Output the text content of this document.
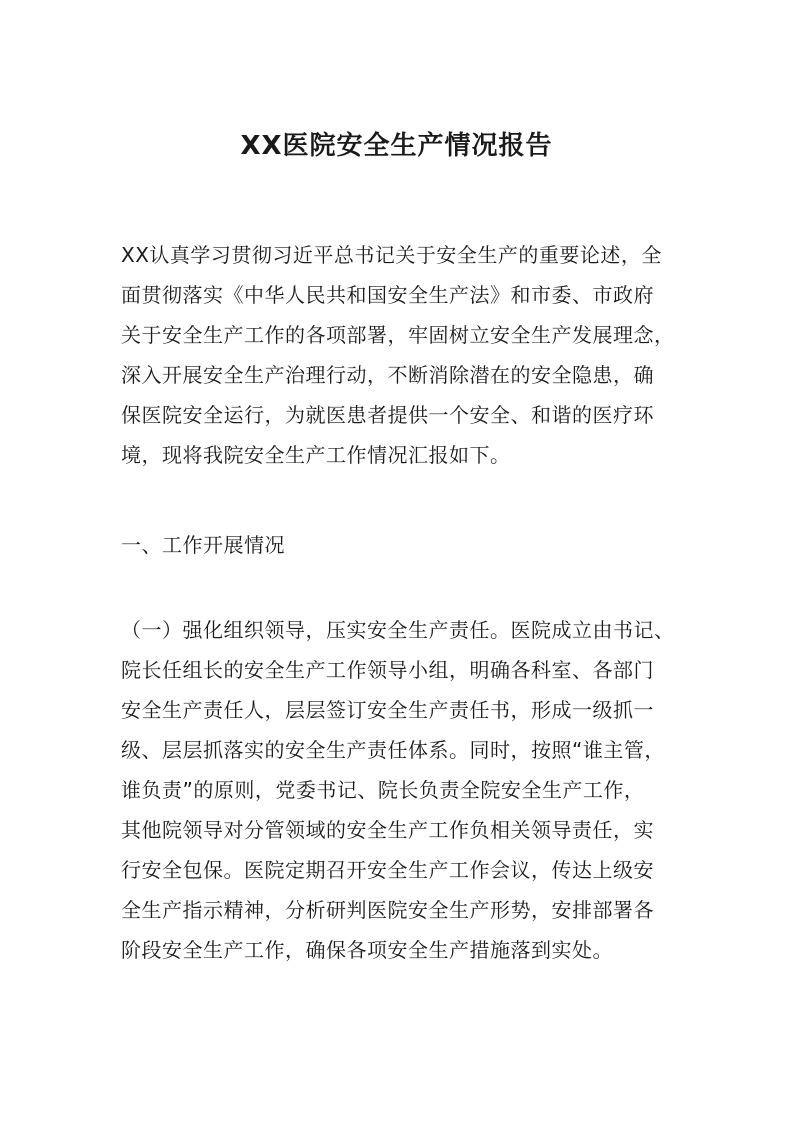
XX医院安全生产情况报告
XX认真学习贯彻习近平总书记关于安全生产的重要论述，全
面贯彻落实《中华人民共和国安全生产法》和市委、市政府
关于安全生产工作的各项部署，牢固树立安全生产发展理念，
深入开展安全生产治理行动，不断消除潜在的安全隐患，确
保医院安全运行，为就医患者提供一个安全、和谐的医疗环
境，现将我院安全生产工作情况汇报如下。
一、工作开展情况
（一）强化组织领导，压实安全生产责任。医院成立由书记、
院长任组长的安全生产工作领导小组，明确各科室、各部门
安全生产责任人，层层签订安全生产责任书，形成一级抓一
级、层层抓落实的安全生产责任体系。同时，按照“谁主管，
谁负责”的原则，党委书记、院长负责全院安全生产工作，
其他院领导对分管领域的安全生产工作负相关领导责任，实
行安全包保。医院定期召开安全生产工作会议，传达上级安
全生产指示精神，分析研判医院安全生产形势，安排部署各
阶段安全生产工作，确保各项安全生产措施落到实处。
